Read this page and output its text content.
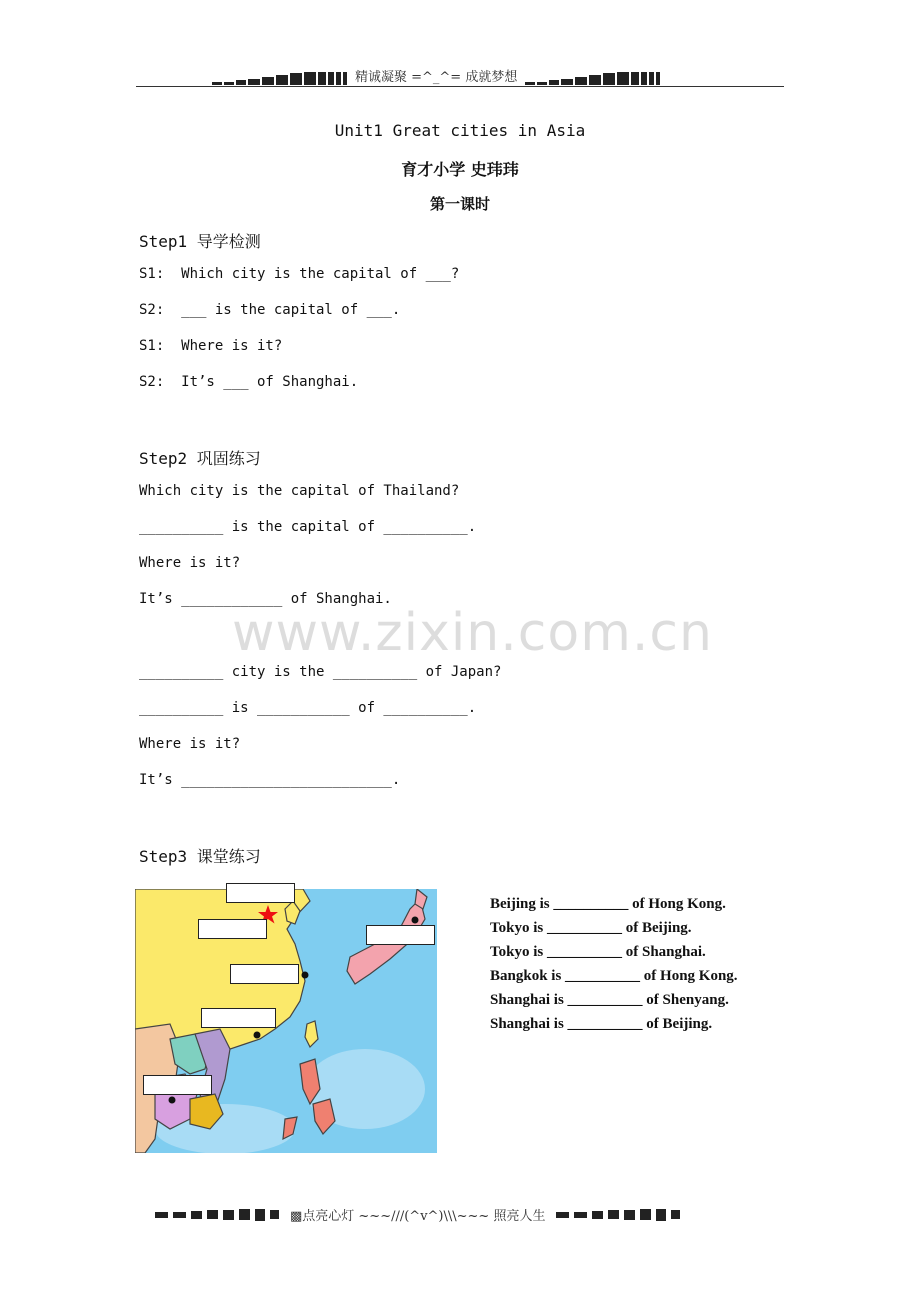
精诚凝聚 =^_^= 成就梦想
Unit1 Great cities in Asia
育才小学 史玮玮
第一课时
Step1 导学检测
S1:  Which city is the capital of ___?
S2:  ___ is the capital of ___.
S1:  Where is it?
S2:  It’s ___ of Shanghai.
Step2 巩固练习
Which city is the capital of Thailand?
__________ is the capital of __________.
Where is it?
It’s ____________ of Shanghai.
www.zixin.com.cn
__________ city is the __________ of Japan?
__________ is ___________ of __________.
Where is it?
It’s _________________________.
Step3 课堂练习
Beijing is __________ of Hong Kong.
Tokyo is __________ of Beijing.
Tokyo is __________ of Shanghai.
Bangkok is __________ of Hong Kong.
Shanghai is __________ of Shenyang.
Shanghai is __________ of Beijing.
▩点亮心灯 ~~~///(^v^)\\\~~~ 照亮人生
